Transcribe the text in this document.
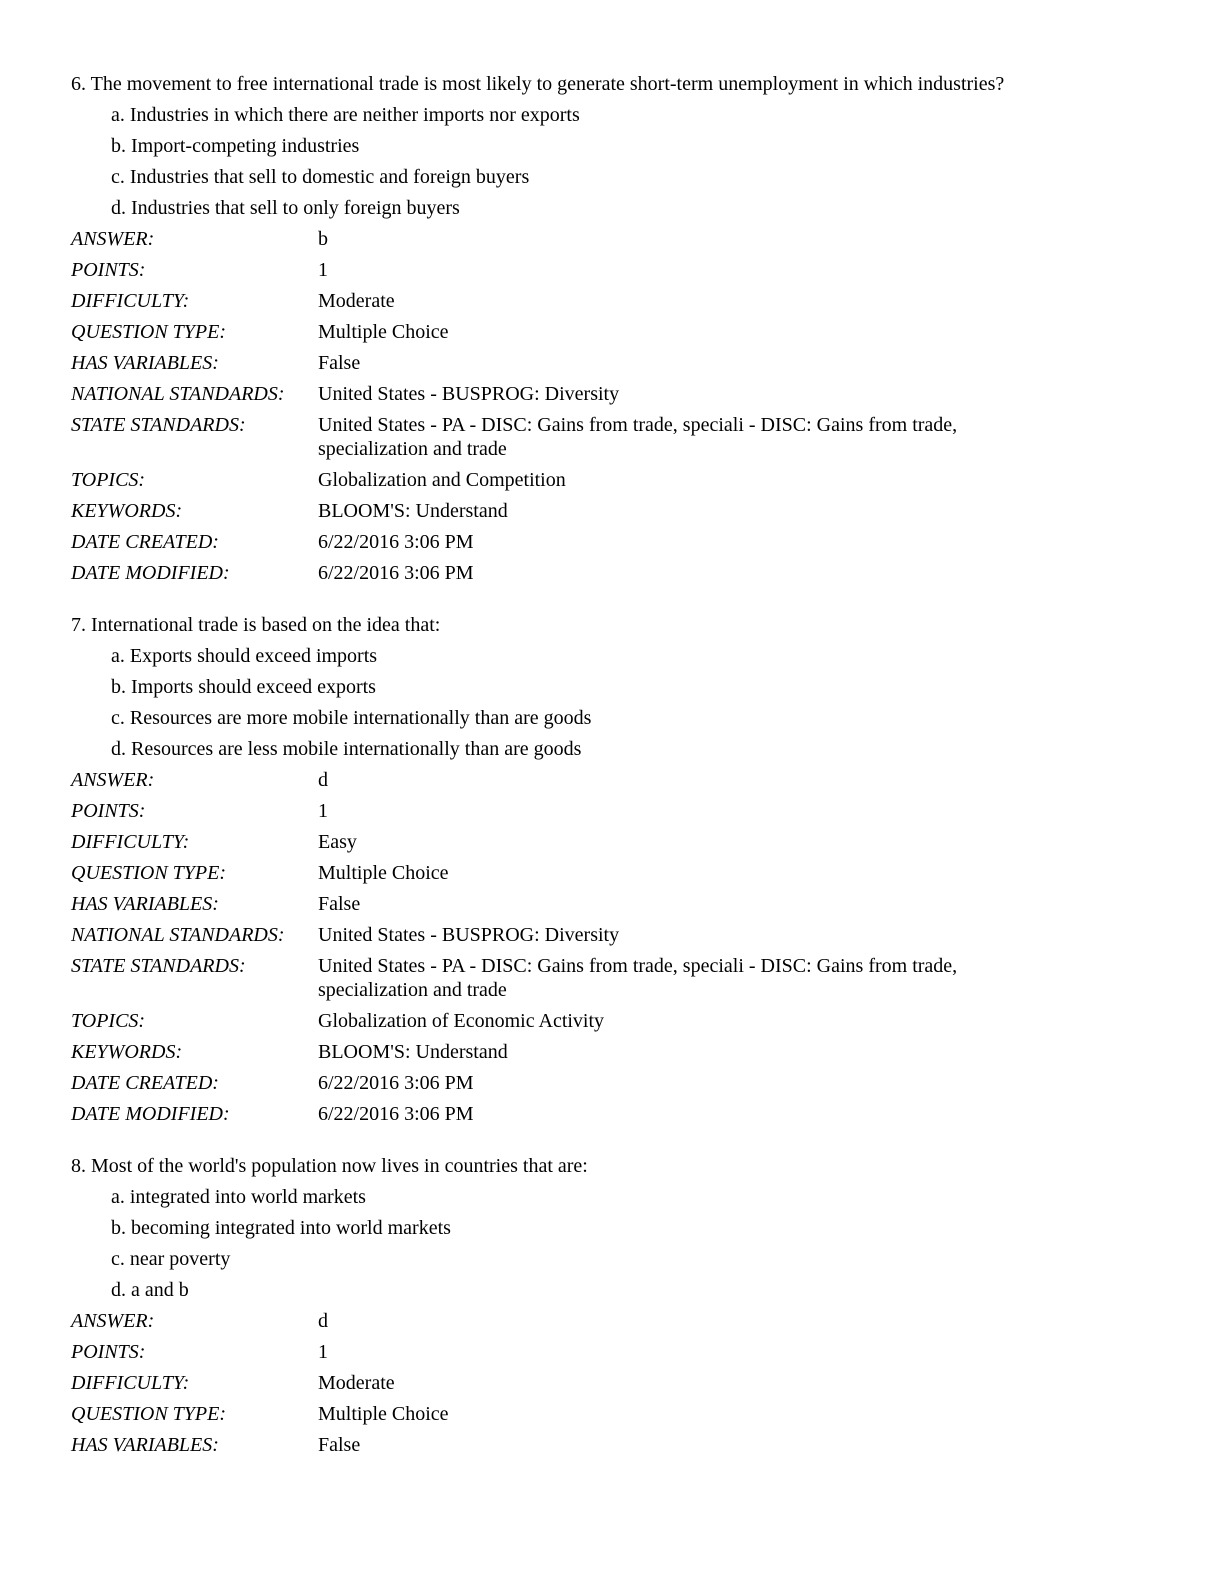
6. The movement to free international trade is most likely to generate short-term unemployment in which industries?
a. Industries in which there are neither imports nor exports
b. Import-competing industries
c. Industries that sell to domestic and foreign buyers
d. Industries that sell to only foreign buyers
ANSWER:	b
POINTS:	1
DIFFICULTY:	Moderate
QUESTION TYPE:	Multiple Choice
HAS VARIABLES:	False
NATIONAL STANDARDS:	United States - BUSPROG: Diversity
STATE STANDARDS:	United States - PA - DISC: Gains from trade, speciali - DISC: Gains from trade, specialization and trade
TOPICS:	Globalization and Competition
KEYWORDS:	BLOOM'S: Understand
DATE CREATED:	6/22/2016 3:06 PM
DATE MODIFIED:	6/22/2016 3:06 PM
7. International trade is based on the idea that:
a. Exports should exceed imports
b. Imports should exceed exports
c. Resources are more mobile internationally than are goods
d. Resources are less mobile internationally than are goods
ANSWER:	d
POINTS:	1
DIFFICULTY:	Easy
QUESTION TYPE:	Multiple Choice
HAS VARIABLES:	False
NATIONAL STANDARDS:	United States - BUSPROG: Diversity
STATE STANDARDS:	United States - PA - DISC: Gains from trade, speciali - DISC: Gains from trade, specialization and trade
TOPICS:	Globalization of Economic Activity
KEYWORDS:	BLOOM'S: Understand
DATE CREATED:	6/22/2016 3:06 PM
DATE MODIFIED:	6/22/2016 3:06 PM
8. Most of the world's population now lives in countries that are:
a. integrated into world markets
b. becoming integrated into world markets
c. near poverty
d. a and b
ANSWER:	d
POINTS:	1
DIFFICULTY:	Moderate
QUESTION TYPE:	Multiple Choice
HAS VARIABLES:	False
